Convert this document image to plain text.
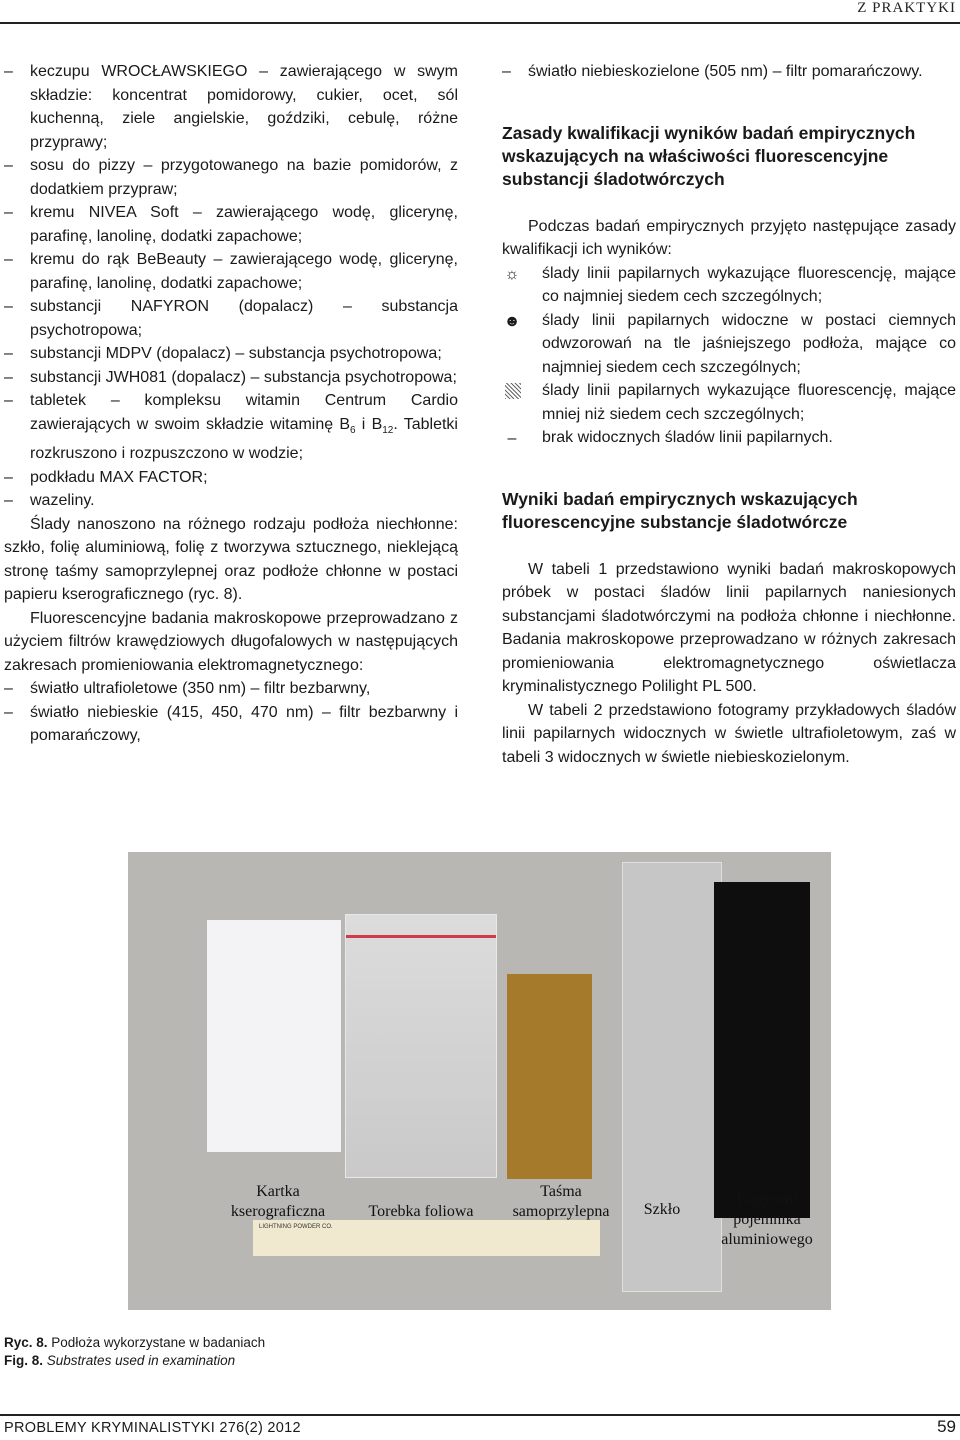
Z PRAKTYKI
– keczupu WROCŁAWSKIEGO – zawierającego w swym składzie: koncentrat pomidorowy, cukier, ocet, sól kuchenną, ziele angielskie, goździki, cebulę, różne przyprawy;
– sosu do pizzy – przygotowanego na bazie pomidorów, z dodatkiem przypraw;
– kremu NIVEA Soft – zawierającego wodę, glicerynę, parafinę, lanolinę, dodatki zapachowe;
– kremu do rąk BeBeauty – zawierającego wodę, glicerynę, parafinę, lanolinę, dodatki zapachowe;
– substancji NAFYRON (dopalacz) – substancja psychotropowa;
– substancji MDPV (dopalacz) – substancja psychotropowa;
– substancji JWH081 (dopalacz) – substancja psychotropowa;
– tabletek – kompleksu witamin Centrum Cardio zawierających w swoim składzie witaminę $B_6$ i $B_{12}$. Tabletki rozkruszono i rozpuszczono w wodzie;
– podkładu MAX FACTOR;
– wazeliny.
Ślady nanoszono na różnego rodzaju podłoża niechłonne: szkło, folię aluminiową, folię z tworzywa sztucznego, nieklejącą stronę taśmy samoprzylepnej oraz podłoże chłonne w postaci papieru kserograficznego (ryc. 8).
Fluorescencyjne badania makroskopowe przeprowadzano z użyciem filtrów krawędziowych długofalowych w następujących zakresach promieniowania elektromagnetycznego:
– światło ultrafioletowe (350 nm) – filtr bezbarwny,
– światło niebieskie (415, 450, 470 nm) – filtr bezbarwny i pomarańczowy,
– światło niebieskozielone (505 nm) – filtr pomarańczowy.
Zasady kwalifikacji wyników badań empirycznych wskazujących na właściwości fluorescencyjne substancji śladotwórczych
Podczas badań empirycznych przyjęto następujące zasady kwalifikacji ich wyników:
☼ ślady linii papilarnych wykazujące fluorescencję, mające co najmniej siedem cech szczególnych;
☻ ślady linii papilarnych widoczne w postaci ciemnych odwzorowań na tle jaśniejszego podłoża, mające co najmniej siedem cech szczególnych;
ślady linii papilarnych wykazujące fluorescencję, mające mniej niż siedem cech szczególnych;
–	brak widocznych śladów linii papilarnych.
Wyniki badań empirycznych wskazujących fluorescencyjne substancje śladotwórcze
W tabeli 1 przedstawiono wyniki badań makroskopowych próbek w postaci śladów linii papilarnych naniesionych substancjami śladotwórczymi na podłoża chłonne i niechłonne. Badania makroskopowe przeprowadzano w różnych zakresach promieniowania elektromagnetycznego oświetlacza kryminalistycznego Polilight PL 500.
W tabeli 2 przedstawiono fotogramy przykładowych śladów linii papilarnych widocznych w świetle ultrafioletowym, zaś w tabeli 3 widocznych w świetle niebieskozielonym.
LIGHTNING POWDER CO.
Kartka kserograficzna	Torebka foliowa
Taśma samoprzylepna	Szkło
Fragment pojemnika aluminiowego
Ryc. 8. Podłoża wykorzystane w badaniach
Fig. 8. Substrates used in examination
PROBLEMY KRYMINALISTYKI 276(2) 2012	59
